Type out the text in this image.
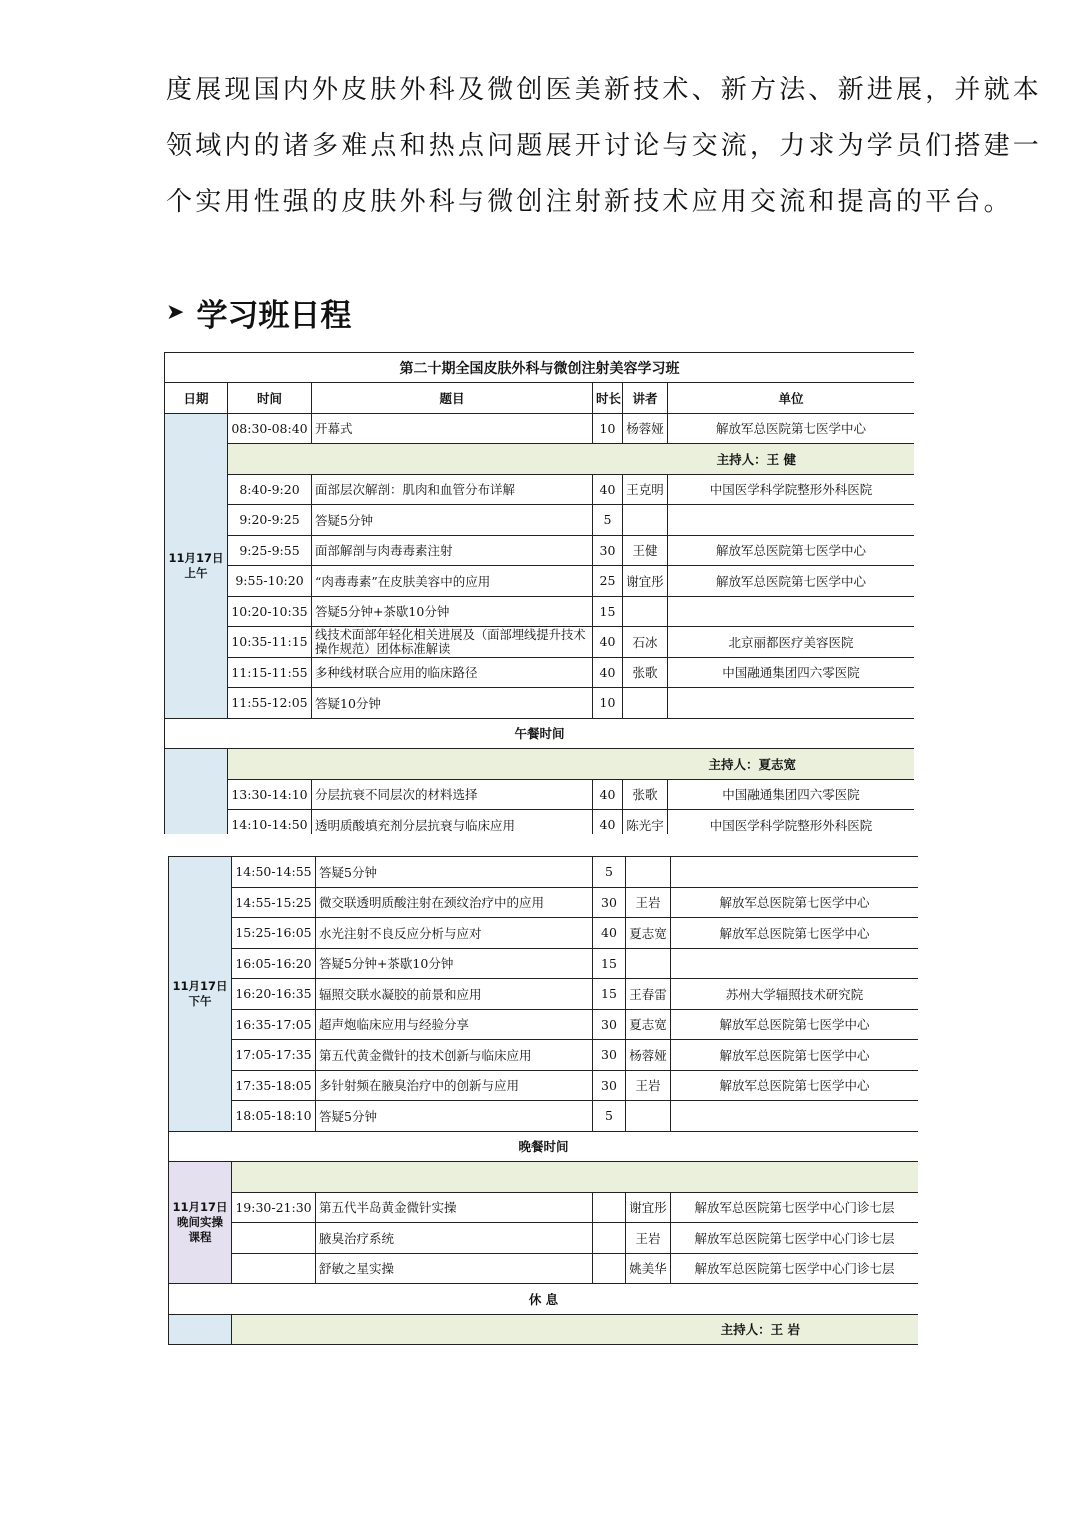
度展现国内外皮肤外科及微创医美新技术、新方法、新进展，并就本

领域内的诸多难点和热点问题展开讨论与交流，力求为学员们搭建一

个实用性强的皮肤外科与微创注射新技术应用交流和提高的平台。

➤ 学习班日程
第二十期全国皮肤外科与微创注射美容学习班					
日期	时间	题目	时长	讲者	单位
11月17日上午	08:30-08:40	开幕式	10	杨蓉娅	解放军总医院第七医学中心
	主持人：王 健				
	8:40-9:20	面部层次解剖：肌肉和血管分布详解	40	王克明	中国医学科学院整形外科医院
	9:20-9:25	答疑5分钟	5		
	9:25-9:55	面部解剖与肉毒毒素注射	30	王健	解放军总医院第七医学中心
	9:55-10:20	“肉毒毒素”在皮肤美容中的应用	25	谢宜彤	解放军总医院第七医学中心
	10:20-10:35	答疑5分钟+茶歇10分钟	15		
	10:35-11:15	线技术面部年轻化相关进展及（面部埋线提升技术操作规范）团体标准解读	40	石冰	北京丽都医疗美容医院
	11:15-11:55	多种线材联合应用的临床路径	40	张歌	中国融通集团四六零医院
	11:55-12:05	答疑10分钟	10		
午餐时间					
	主持人：夏志宽				
	13:30-14:10	分层抗衰不同层次的材料选择	40	张歌	中国融通集团四六零医院
	14:10-14:50	透明质酸填充剂分层抗衰与临床应用	40	陈光宇	中国医学科学院整形外科医院
11月17日下午	14:50-14:55	答疑5分钟	5		
	14:55-15:25	微交联透明质酸注射在颈纹治疗中的应用	30	王岩	解放军总医院第七医学中心
	15:25-16:05	水光注射不良反应分析与应对	40	夏志宽	解放军总医院第七医学中心
	16:05-16:20	答疑5分钟+茶歇10分钟	15		
	16:20-16:35	辐照交联水凝胶的前景和应用	15	王春雷	苏州大学辐照技术研究院
	16:35-17:05	超声炮临床应用与经验分享	30	夏志宽	解放军总医院第七医学中心
	17:05-17:35	第五代黄金微针的技术创新与临床应用	30	杨蓉娅	解放军总医院第七医学中心
	17:35-18:05	多针射频在腋臭治疗中的创新与应用	30	王岩	解放军总医院第七医学中心
	18:05-18:10	答疑5分钟	5		
晚餐时间					
11月17日晚间实操课程					
	19:30-21:30	第五代半岛黄金微针实操		谢宜彤	解放军总医院第七医学中心门诊七层
		腋臭治疗系统		王岩	解放军总医院第七医学中心门诊七层
		舒敏之星实操		姚美华	解放军总医院第七医学中心门诊七层
休 息					
	主持人：王 岩				
